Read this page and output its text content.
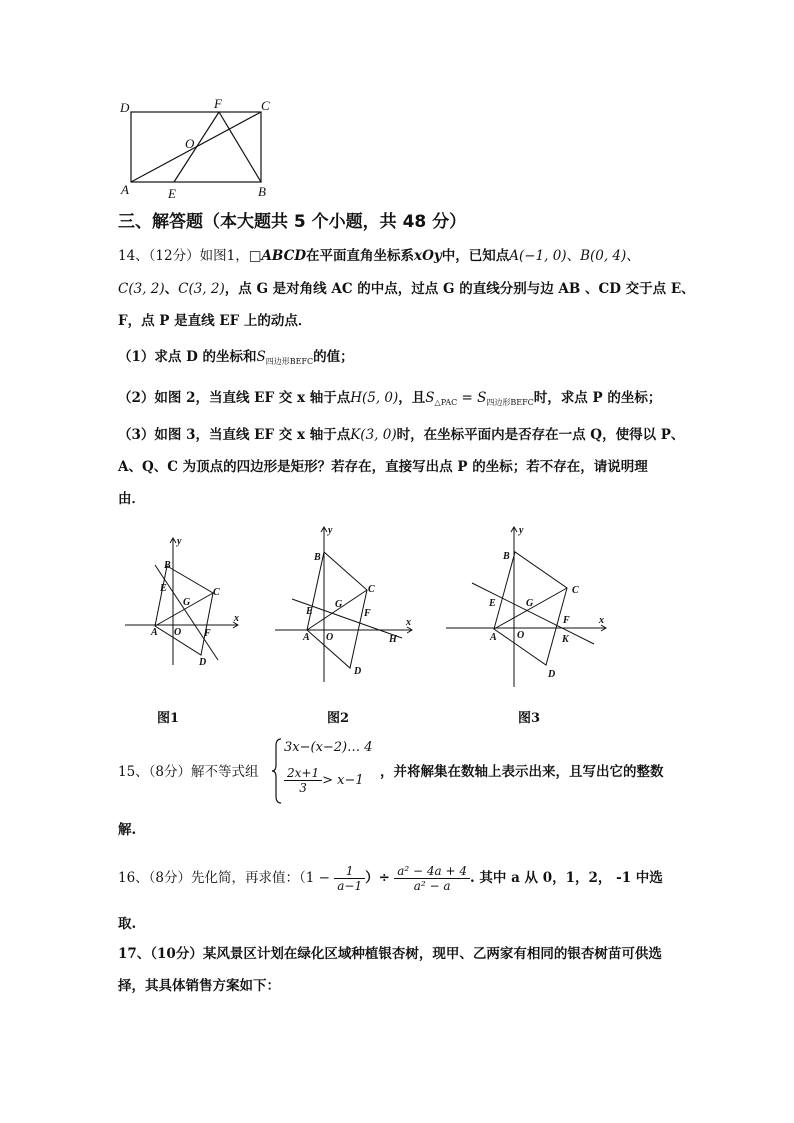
D	F	C
O
A	E	B
三、解答题（本大题共 5 个小题，共 48 分）
14、（12分）如图1，□ABCD在平面直角坐标系xOy中，已知点A(−1, 0)、B(0, 4)、
C(3, 2)、C(3, 2)，点 G 是对角线 AC 的中点，过点 G 的直线分别与边 AB 、CD 交于点 E、
F，点 P 是直线 EF 上的动点．
（1）求点 D 的坐标和$S_{四边形BEFC}$的值；
（2）如图 2，当直线 EF 交 x 轴于点H(5, 0)，且$S_{\triangle PAC} = S_{四边形BEFC}$时，求点 P 的坐标；
（3）如图 3，当直线 EF 交 x 轴于点K(3, 0)时，在坐标平面内是否存在一点 Q，使得以 P、
A、Q、C 为顶点的四边形是矩形？若存在，直接写出点 P 的坐标；若不存在，请说明理
由．
y
x
B
E
G
C
A O F
D
y
x
B
E
G
C
F
A O	H
D
y
x
B
E	G
C
F
A O	K
D
图1	图2	图3
15、（8分）解不等式组
3x−(x−2)… 4
$\frac{2x+1}{3} > x-1$
，并将解集在数轴上表示出来，且写出它的整数
解.
16、（8分）先化简，再求值：（$1 - \frac{1}{a-1}$ ）÷ $\frac{\text{a² − 4a + 4}}{\text{a² − a}}$ . 其中 a 从 0，1，2， -1 中选
取.
17、（10分）某风景区计划在绿化区域种植银杏树，现甲、乙两家有相同的银杏树苗可供选
择，其具体销售方案如下：
